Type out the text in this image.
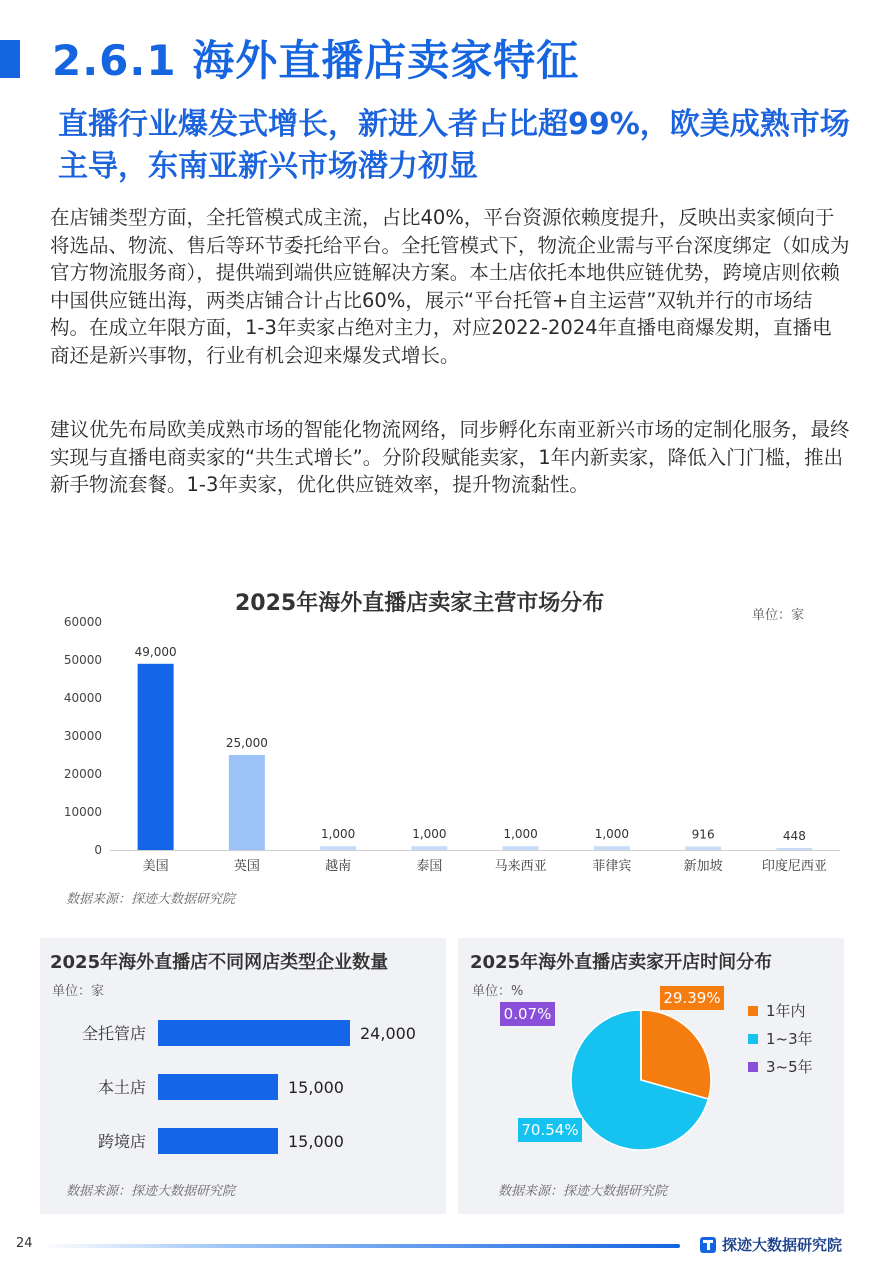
2.6.1 海外直播店卖家特征
直播行业爆发式增长，新进入者占比超99%，欧美成熟市场主导，东南亚新兴市场潜力初显
在店铺类型方面，全托管模式成主流，占比40%，平台资源依赖度提升，反映出卖家倾向于将选品、物流、售后等环节委托给平台。全托管模式下，物流企业需与平台深度绑定（如成为官方物流服务商），提供端到端供应链解决方案。本土店依托本地供应链优势，跨境店则依赖中国供应链出海，两类店铺合计占比60%，展示“平台托管+自主运营”双轨并行的市场结构。在成立年限方面，1-3年卖家占绝对主力，对应2022-2024年直播电商爆发期，直播电商还是新兴事物，行业有机会迎来爆发式增长。
建议优先布局欧美成熟市场的智能化物流网络，同步孵化东南亚新兴市场的定制化服务，最终实现与直播电商卖家的“共生式增长”。分阶段赋能卖家，1年内新卖家，降低入门门槛，推出新手物流套餐。1-3年卖家，优化供应链效率，提升物流黏性。
2025年海外直播店卖家主营市场分布	单位：家
0
10000
20000
30000
40000
50000
60000
49,000
美国
25,000
英国
1,000
越南
1,000
泰国
1,000
马来西亚
1,000
菲律宾
916
新加坡
448
印度尼西亚
数据来源：探迹大数据研究院
2025年海外直播店不同网店类型企业数量
单位：家
全托管店	24,000
本土店	15,000
跨境店	15,000
数据来源：探迹大数据研究院
2025年海外直播店卖家开店时间分布
单位：%	29.39%
70.54%
0.07%	1年内
1~3年
3~5年
数据来源：探迹大数据研究院
24	探迹大数据研究院
